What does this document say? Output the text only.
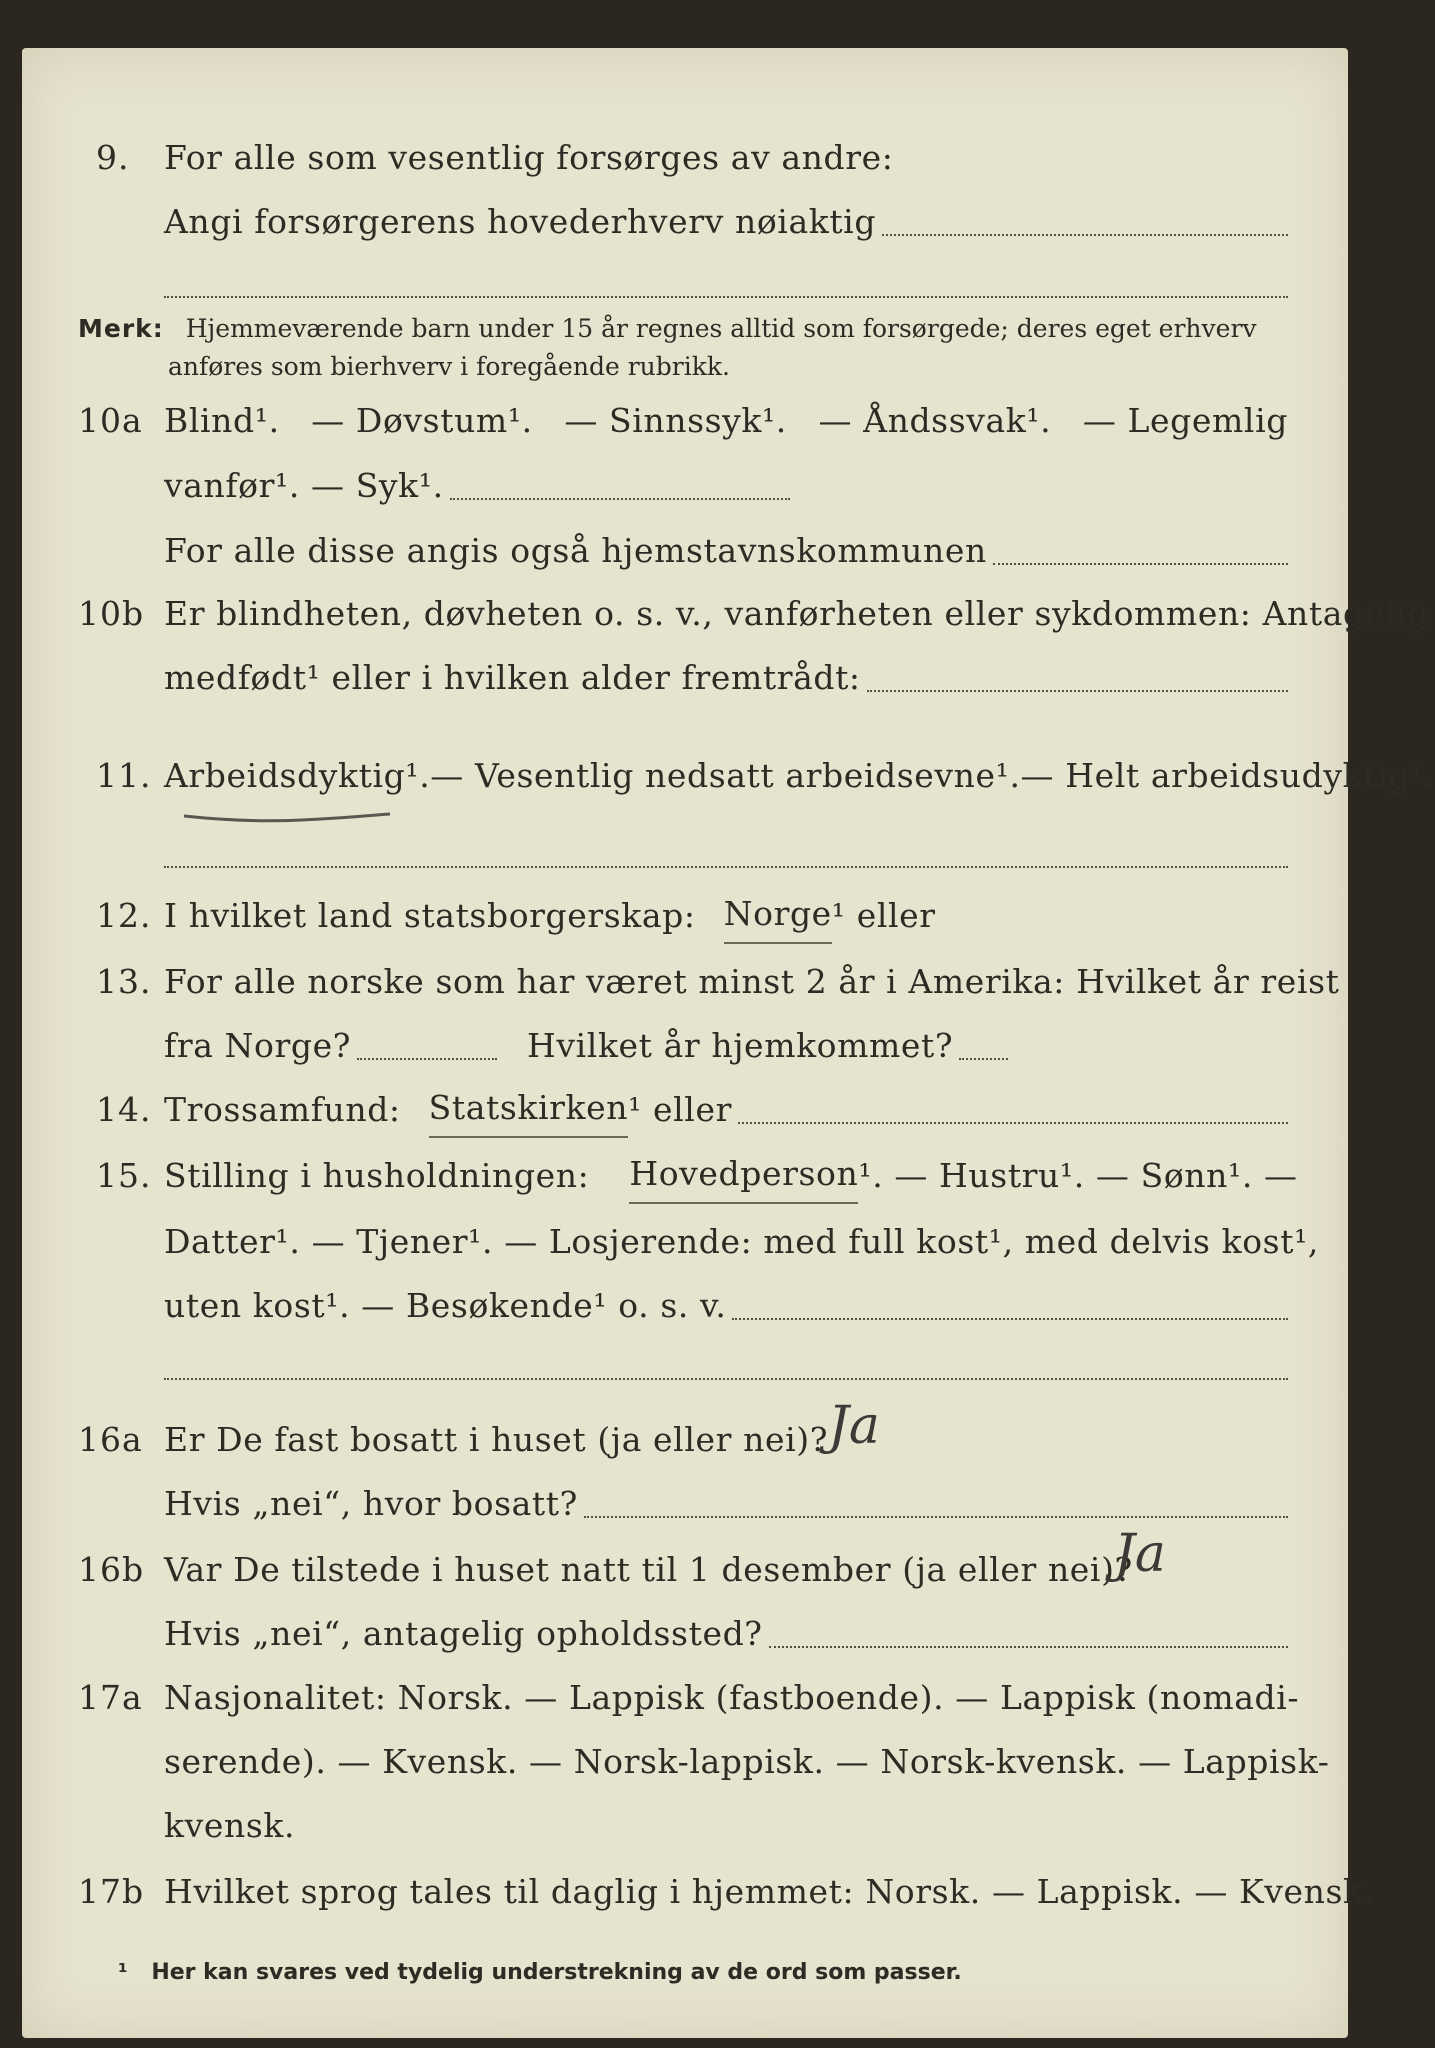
9. For alle som vesentlig forsørges av andre:
Angi forsørgerens hovederhverv nøiaktig
Merk: Hjemmeværende barn under 15 år regnes alltid som forsørgede; deres eget erhverv
anføres som bierhverv i foregående rubrikk.
10a Blind¹. — Døvstum¹. — Sinnssyk¹. — Åndssvak¹. — Legemlig
vanfør¹. — Syk¹.
For alle disse angis også hjemstavnskommunen
10b Er blindheten, døvheten o. s. v., vanførheten eller sykdommen: Antagelig
medfødt¹ eller i hvilken alder fremtrådt:
11. Arbeidsdyktig¹. — Vesentlig nedsatt arbeidsevne¹. — Helt arbeidsudyktig¹.
12. I hvilket land statsborgerskap: Norge ¹ eller
13. For alle norske som har været minst 2 år i Amerika: Hvilket år reist
fra Norge?	Hvilket år hjemkommet?
14. Trossamfund: Statskirken ¹ eller
15. Stilling i husholdningen: Hovedperson ¹. — Hustru¹. — Sønn¹. —
Datter¹. — Tjener¹. — Losjerende: med full kost¹, med delvis kost¹,
uten kost¹. — Besøkende¹ o. s. v.
16a Er De fast bosatt i huset (ja eller nei)? Ja
Hvis „nei“, hvor bosatt?
16b Var De tilstede i huset natt til 1 desember (ja eller nei)?
Ja
Hvis „nei“, antagelig opholdssted?
17a Nasjonalitet: Norsk. — Lappisk (fastboende). — Lappisk (nomadi-
serende). — Kvensk. — Norsk-lappisk. — Norsk-kvensk. — Lappisk-
kvensk.
17b Hvilket sprog tales til daglig i hjemmet: Norsk. — Lappisk. — Kvensk.
¹ Her kan svares ved tydelig understrekning av de ord som passer.
